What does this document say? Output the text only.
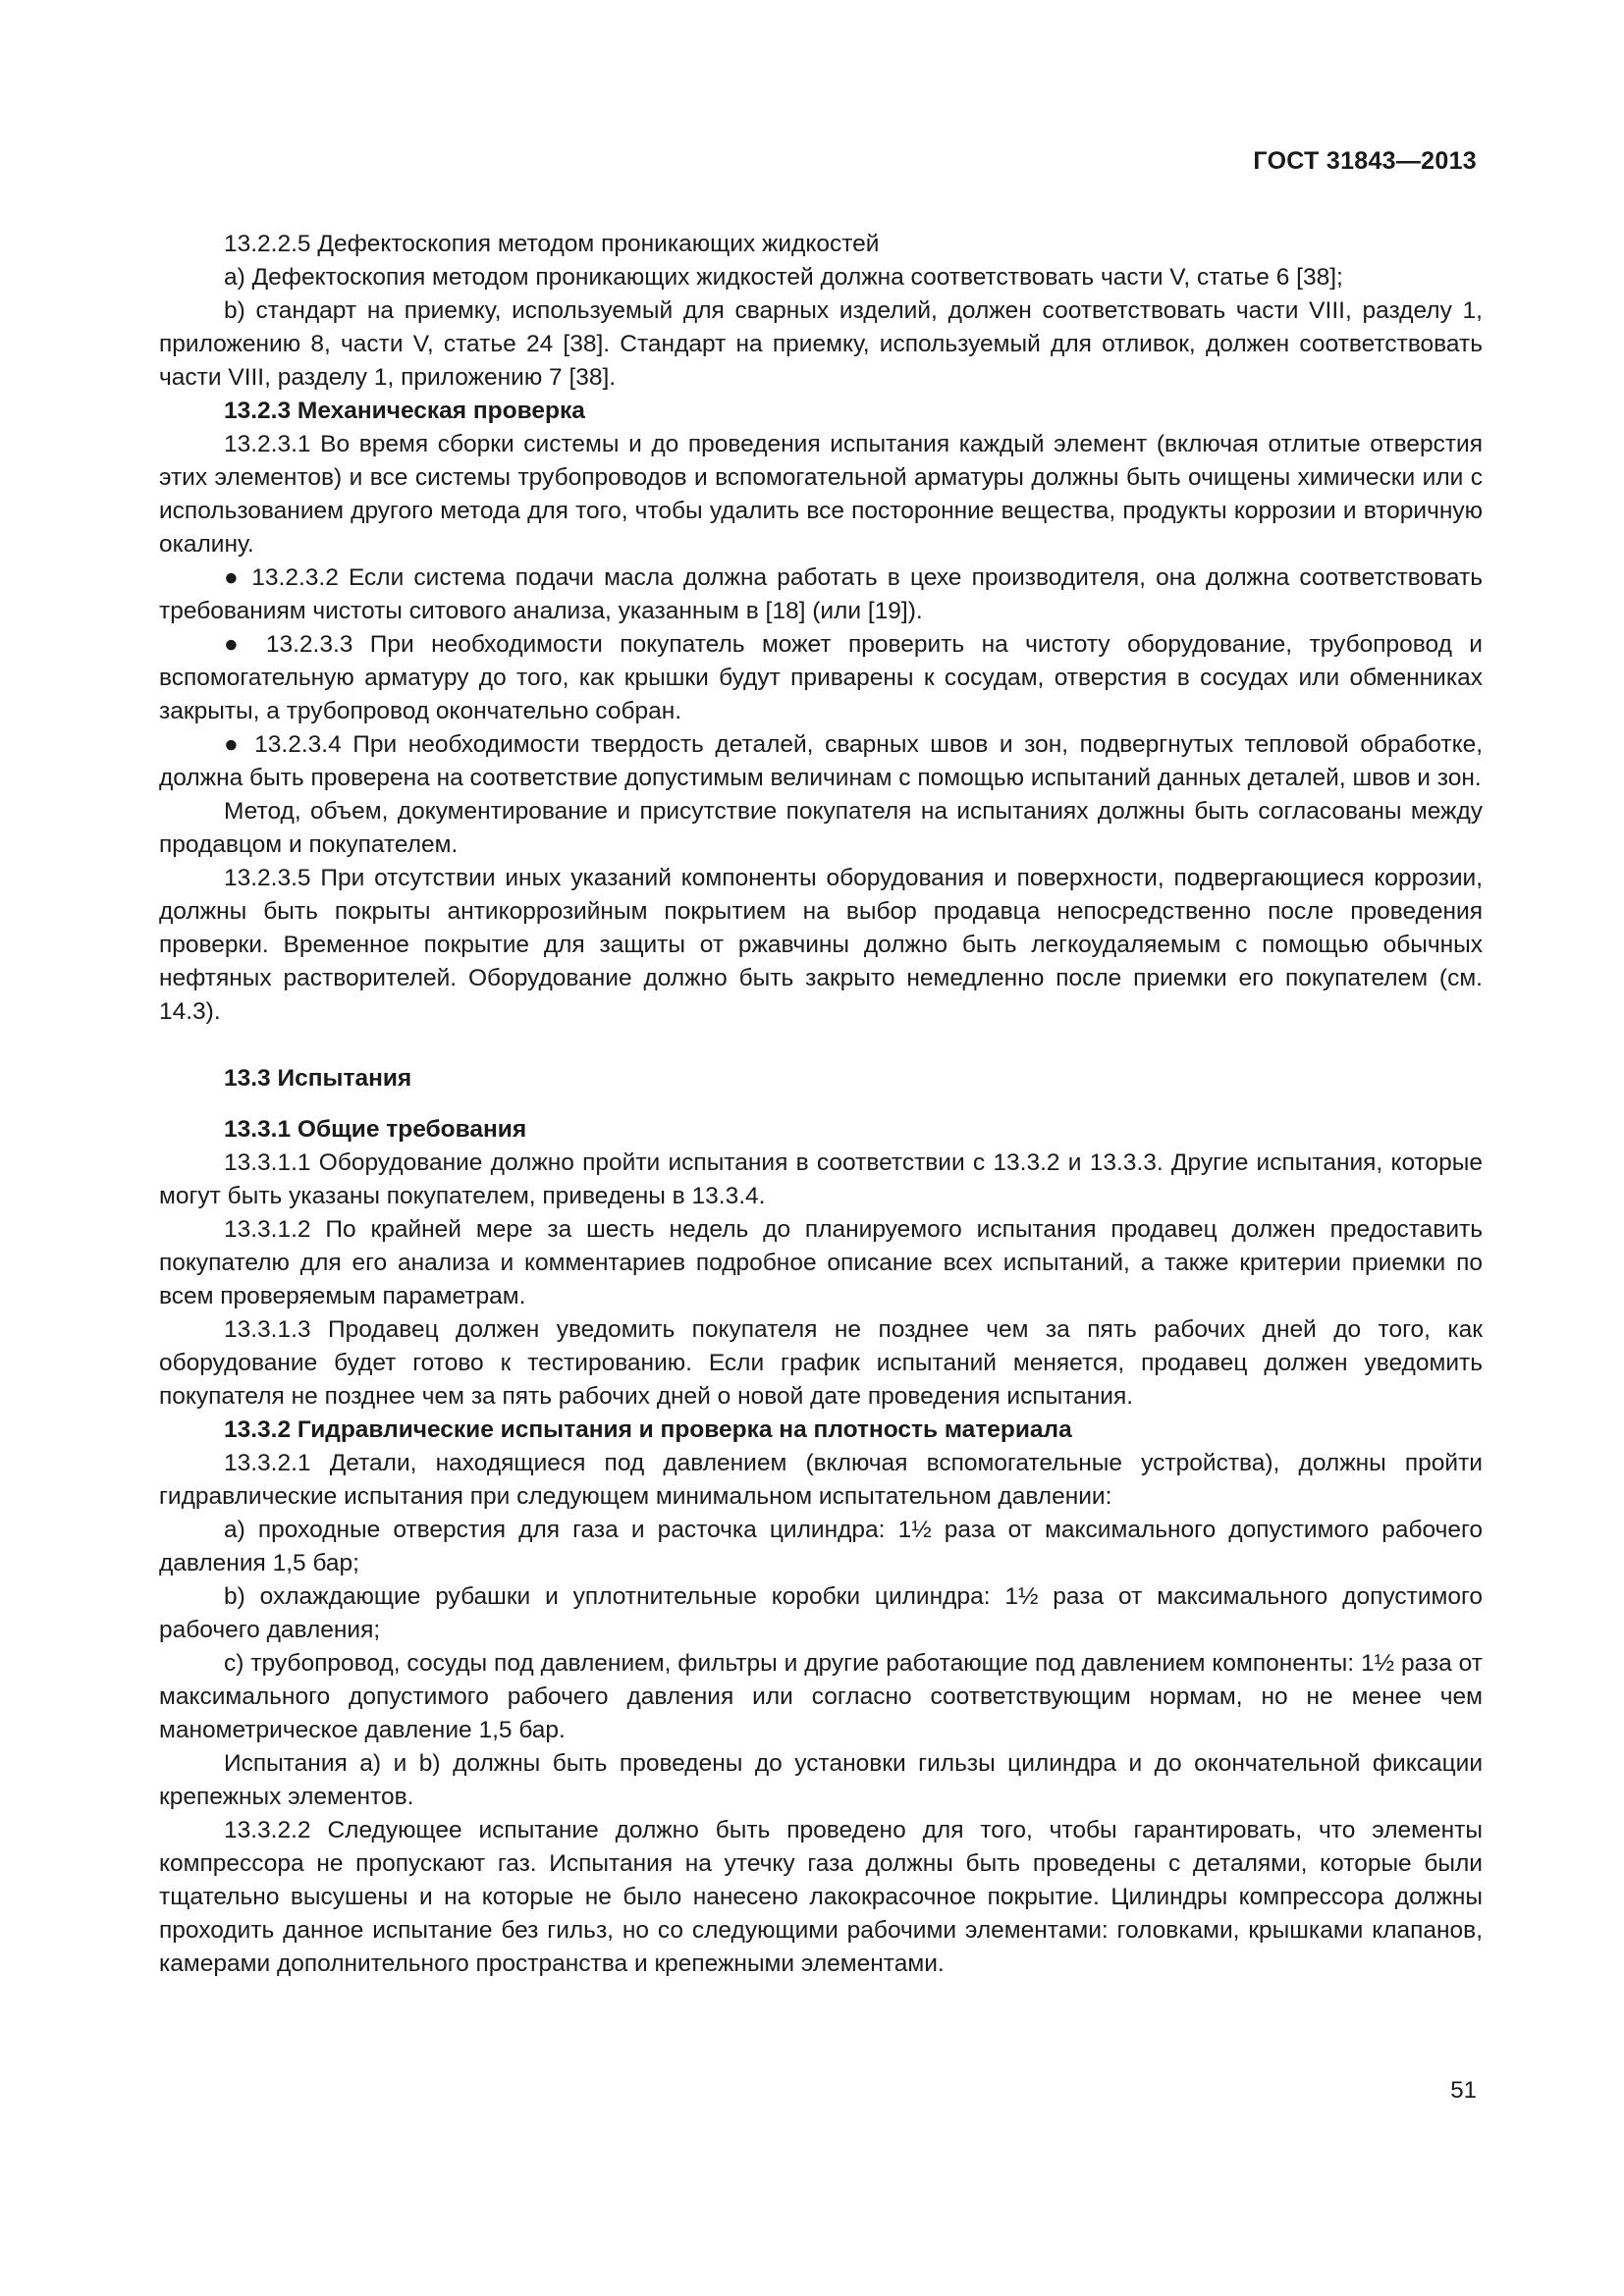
ГОСТ 31843—2013

13.2.2.5 Дефектоскопия методом проникающих жидкостей

a) Дефектоскопия методом проникающих жидкостей должна соответствовать части V, статье 6 [38];

b) стандарт на приемку, используемый для сварных изделий, должен соответствовать части VIII, разделу 1, приложению 8, части V, статье 24 [38]. Стандарт на приемку, используемый для отливок, должен соответствовать части VIII, разделу 1, приложению 7 [38].

13.2.3 Механическая проверка

13.2.3.1 Во время сборки системы и до проведения испытания каждый элемент (включая отлитые отверстия этих элементов) и все системы трубопроводов и вспомогательной арматуры должны быть очищены химически или с использованием другого метода для того, чтобы удалить все посторонние вещества, продукты коррозии и вторичную окалину.

● 13.2.3.2 Если система подачи масла должна работать в цехе производителя, она должна соответствовать требованиям чистоты ситового анализа, указанным в [18] (или [19]).

● 13.2.3.3 При необходимости покупатель может проверить на чистоту оборудование, трубопровод и вспомогательную арматуру до того, как крышки будут приварены к сосудам, отверстия в сосудах или обменниках закрыты, а трубопровод окончательно собран.

● 13.2.3.4 При необходимости твердость деталей, сварных швов и зон, подвергнутых тепловой обработке, должна быть проверена на соответствие допустимым величинам с помощью испытаний данных деталей, швов и зон.

Метод, объем, документирование и присутствие покупателя на испытаниях должны быть согласованы между продавцом и покупателем.

13.2.3.5 При отсутствии иных указаний компоненты оборудования и поверхности, подвергающиеся коррозии, должны быть покрыты антикоррозийным покрытием на выбор продавца непосредственно после проведения проверки. Временное покрытие для защиты от ржавчины должно быть легкоудаляемым с помощью обычных нефтяных растворителей. Оборудование должно быть закрыто немедленно после приемки его покупателем (см. 14.3).

13.3 Испытания

13.3.1 Общие требования

13.3.1.1 Оборудование должно пройти испытания в соответствии с 13.3.2 и 13.3.3. Другие испытания, которые могут быть указаны покупателем, приведены в 13.3.4.

13.3.1.2 По крайней мере за шесть недель до планируемого испытания продавец должен предоставить покупателю для его анализа и комментариев подробное описание всех испытаний, а также критерии приемки по всем проверяемым параметрам.

13.3.1.3 Продавец должен уведомить покупателя не позднее чем за пять рабочих дней до того, как оборудование будет готово к тестированию. Если график испытаний меняется, продавец должен уведомить покупателя не позднее чем за пять рабочих дней о новой дате проведения испытания.

13.3.2 Гидравлические испытания и проверка на плотность материала

13.3.2.1 Детали, находящиеся под давлением (включая вспомогательные устройства), должны пройти гидравлические испытания при следующем минимальном испытательном давлении:

a) проходные отверстия для газа и расточка цилиндра: 1½ раза от максимального допустимого рабочего давления 1,5 бар;

b) охлаждающие рубашки и уплотнительные коробки цилиндра: 1½ раза от максимального допустимого рабочего давления;

c) трубопровод, сосуды под давлением, фильтры и другие работающие под давлением компоненты: 1½ раза от максимального допустимого рабочего давления или согласно соответствующим нормам, но не менее чем манометрическое давление 1,5 бар.

Испытания a) и b) должны быть проведены до установки гильзы цилиндра и до окончательной фиксации крепежных элементов.

13.3.2.2 Следующее испытание должно быть проведено для того, чтобы гарантировать, что элементы компрессора не пропускают газ. Испытания на утечку газа должны быть проведены с деталями, которые были тщательно высушены и на которые не было нанесено лакокрасочное покрытие. Цилиндры компрессора должны проходить данное испытание без гильз, но со следующими рабочими элементами: головками, крышками клапанов, камерами дополнительного пространства и крепежными элементами.

51
